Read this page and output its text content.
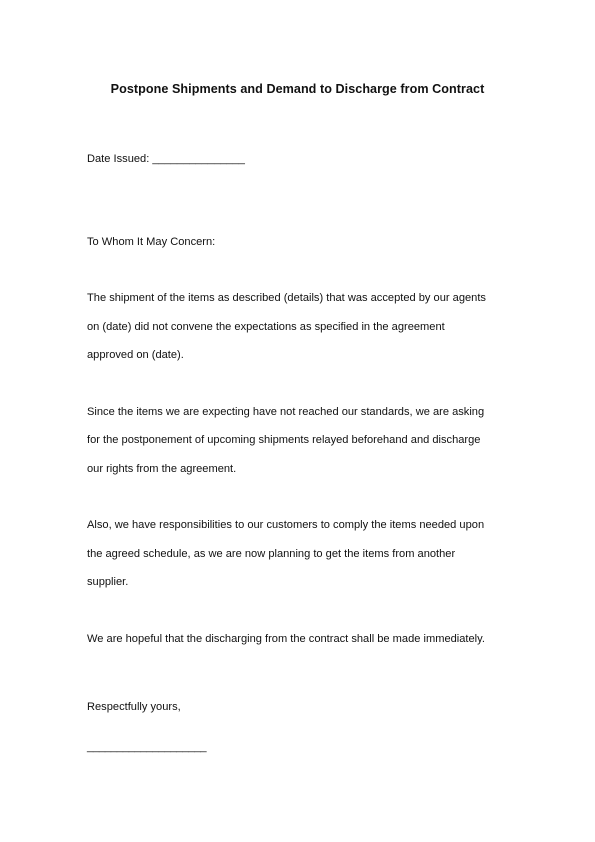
Postpone Shipments and Demand to Discharge from Contract
Date Issued: _______________
To Whom It May Concern:
The shipment of the items as described (details) that was accepted by our agents
on (date) did not convene the expectations as specified in the agreement
approved on (date).
Since the items we are expecting have not reached our standards, we are asking
for the postponement of upcoming shipments relayed beforehand and discharge
our rights from the agreement.
Also, we have responsibilities to our customers to comply the items needed upon
the agreed schedule, as we are now planning to get the items from another
supplier.
We are hopeful that the discharging from the contract shall be made immediately.
Respectfully yours,
____________________
